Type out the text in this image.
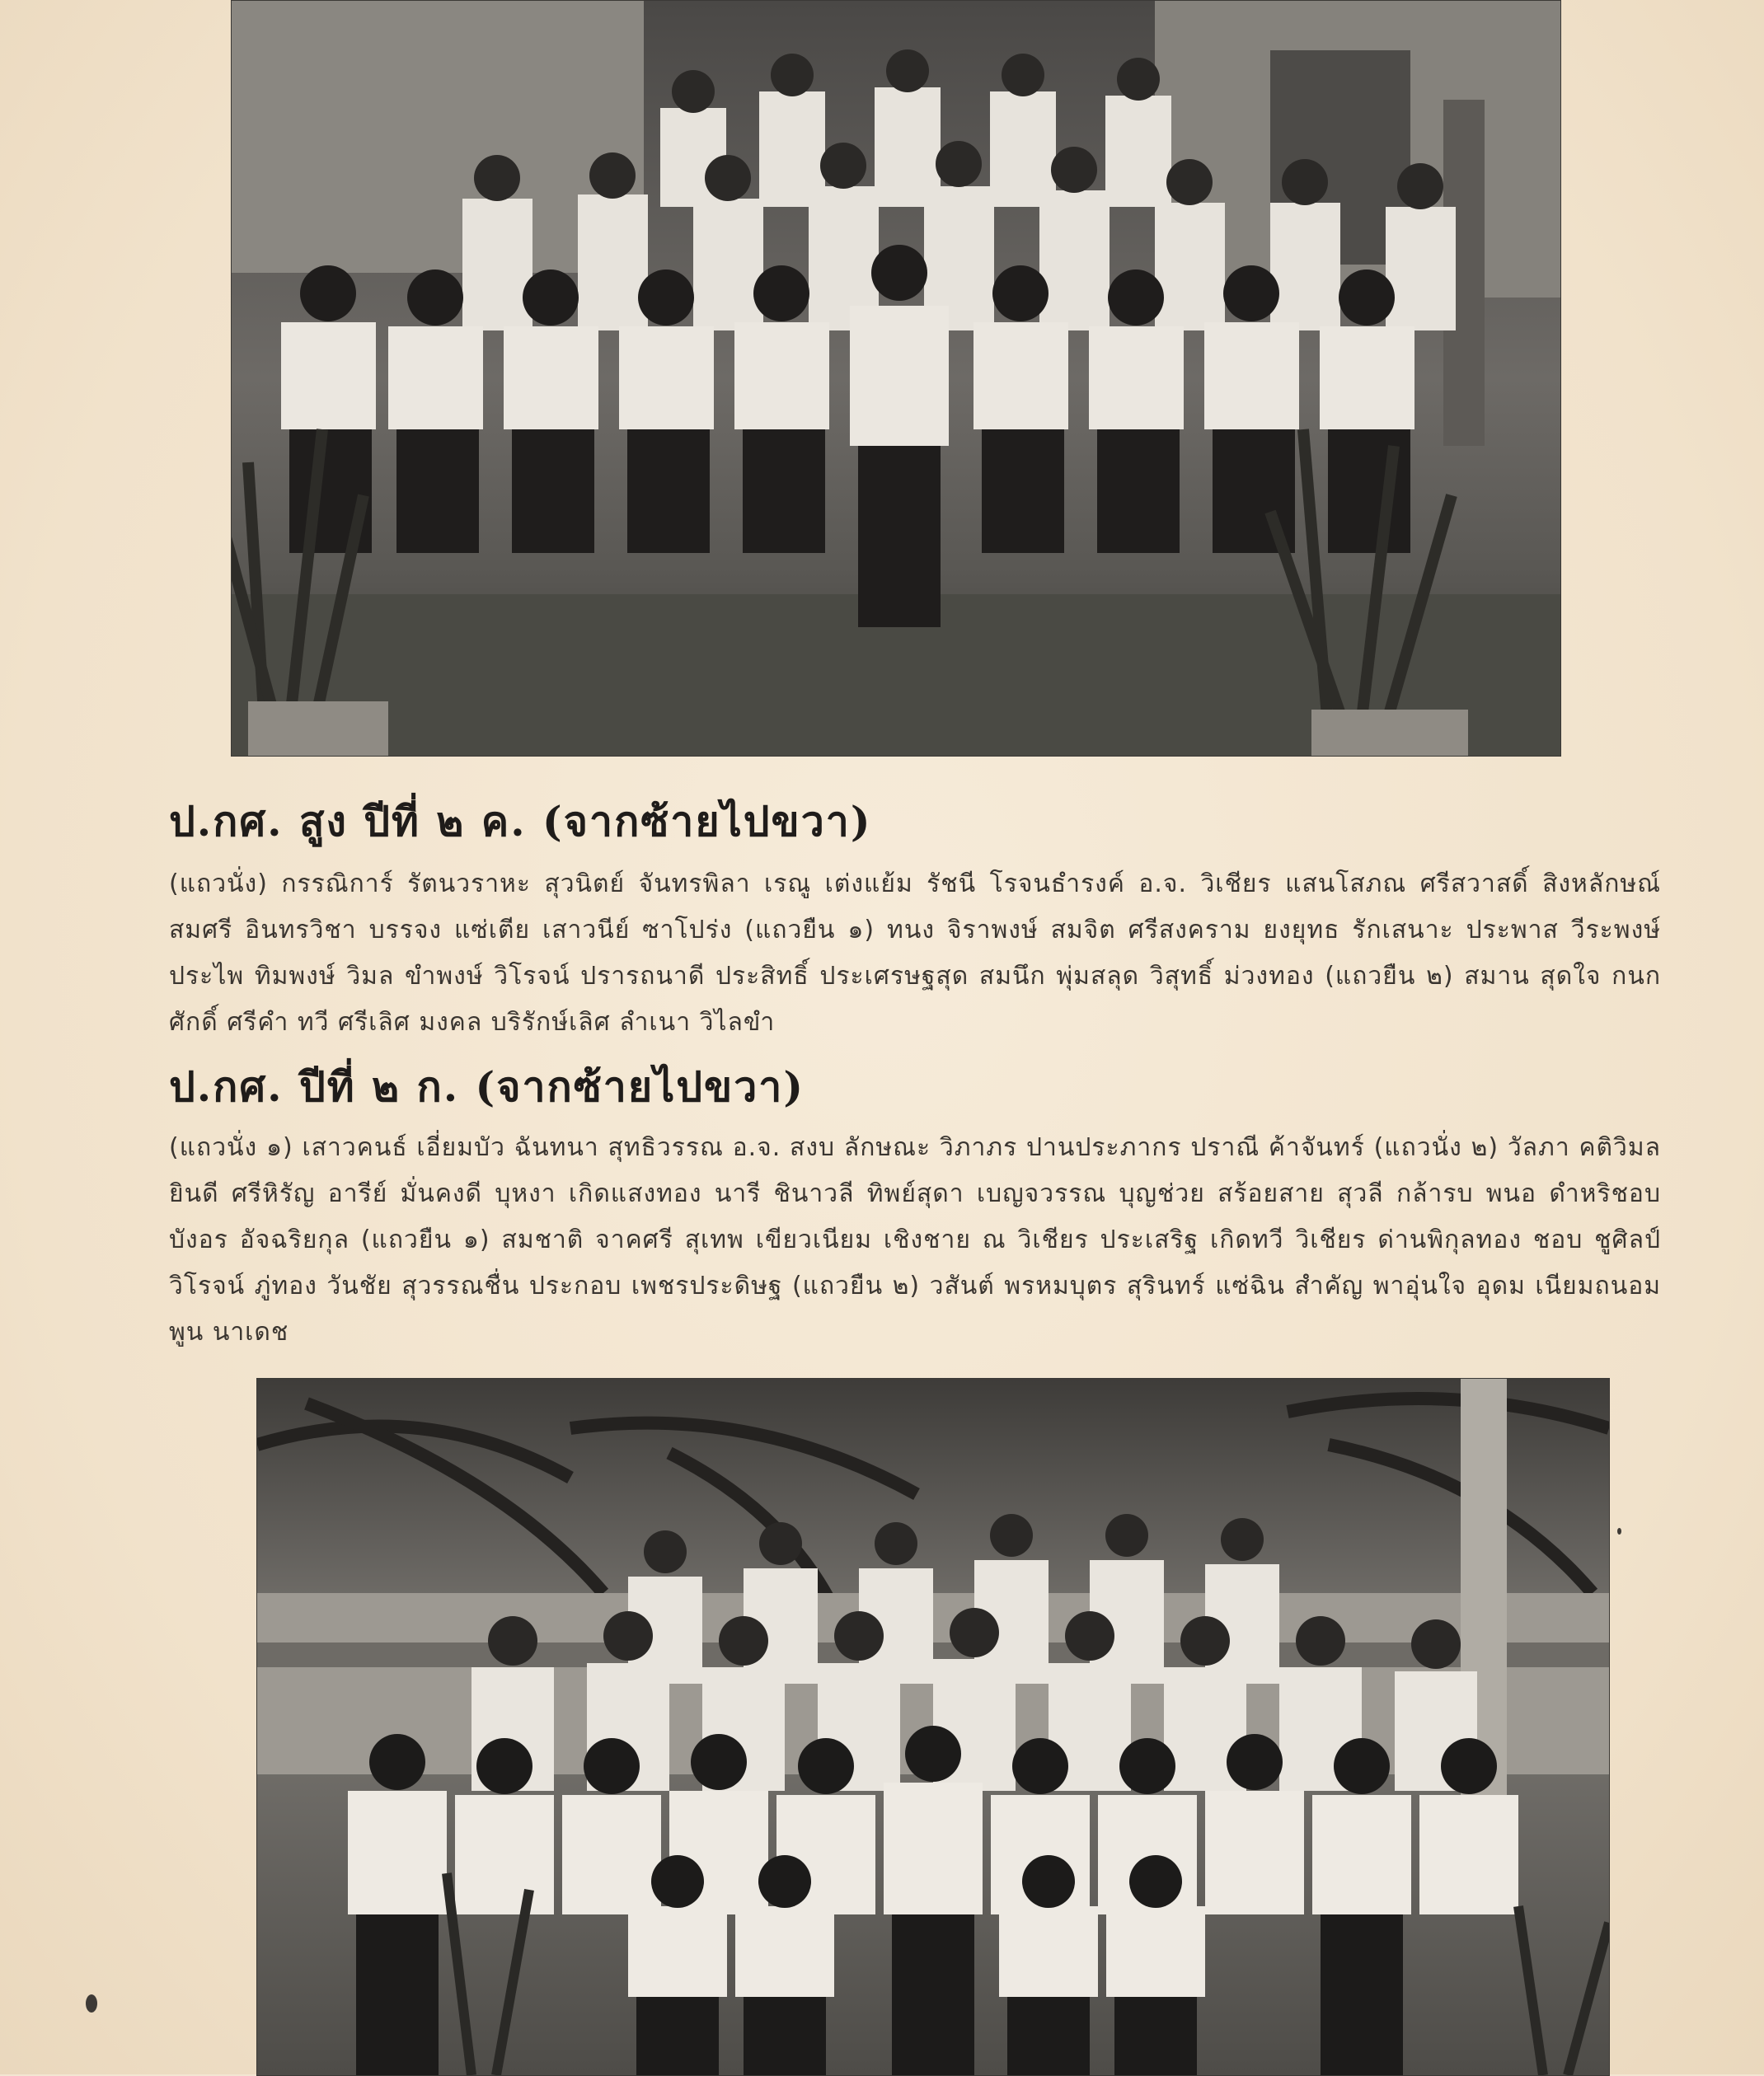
ป.กศ. สูง ปีที่ ๒ ค. (จากซ้ายไปขวา)
(แถวนั่ง) กรรณิการ์ รัตนวราหะ สุวนิตย์ จันทรพิลา เรณู เต่งแย้ม รัชนี โรจนธำรงค์ อ.จ. วิเชียร แสนโสภณ ศรีสวาสดิ์ สิงหลักษณ์ สมศรี อินทรวิชา บรรจง แซ่เตีย เสาวนีย์ ซาโปร่ง (แถวยืน ๑) ทนง จิราพงษ์ สมจิต ศรีสงคราม ยงยุทธ รักเสนาะ ประพาส วีระพงษ์ ประไพ ทิมพงษ์ วิมล ขำพงษ์ วิโรจน์ ปรารถนาดี ประสิทธิ์ ประเศรษฐสุด สมนึก พุ่มสลุด วิสุทธิ์ ม่วงทอง (แถวยืน ๒) สมาน สุดใจ กนกศักดิ์ ศรีคำ ทวี ศรีเลิศ มงคล บริรักษ์เลิศ ลำเนา วิไลขำ
ป.กศ. ปีที่ ๒ ก. (จากซ้ายไปขวา)
(แถวนั่ง ๑) เสาวคนธ์ เอี่ยมบัว ฉันทนา สุทธิวรรณ อ.จ. สงบ ลักษณะ วิภาภร ปานประภากร ปราณี ค้าจันทร์ (แถวนั่ง ๒) วัลภา คติวิมล ยินดี ศรีหิรัญ อารีย์ มั่นคงดี บุหงา เกิดแสงทอง นารี ชินาวลี ทิพย์สุดา เบญจวรรณ บุญช่วย สร้อยสาย สุวลี กล้ารบ พนอ ดำหริชอบ บังอร อัจฉริยกุล (แถวยืน ๑) สมชาติ จาคศรี สุเทพ เขียวเนียม เชิงชาย ณ วิเชียร ประเสริฐ เกิดทวี วิเชียร ด่านพิกุลทอง ชอบ ชูศิลป์ วิโรจน์ ภู่ทอง วันชัย สุวรรณชื่น ประกอบ เพชรประดิษฐ (แถวยืน ๒) วสันต์ พรหมบุตร สุรินทร์ แซ่ฉิน สำคัญ พาอุ่นใจ อุดม เนียมถนอม พูน นาเดช
